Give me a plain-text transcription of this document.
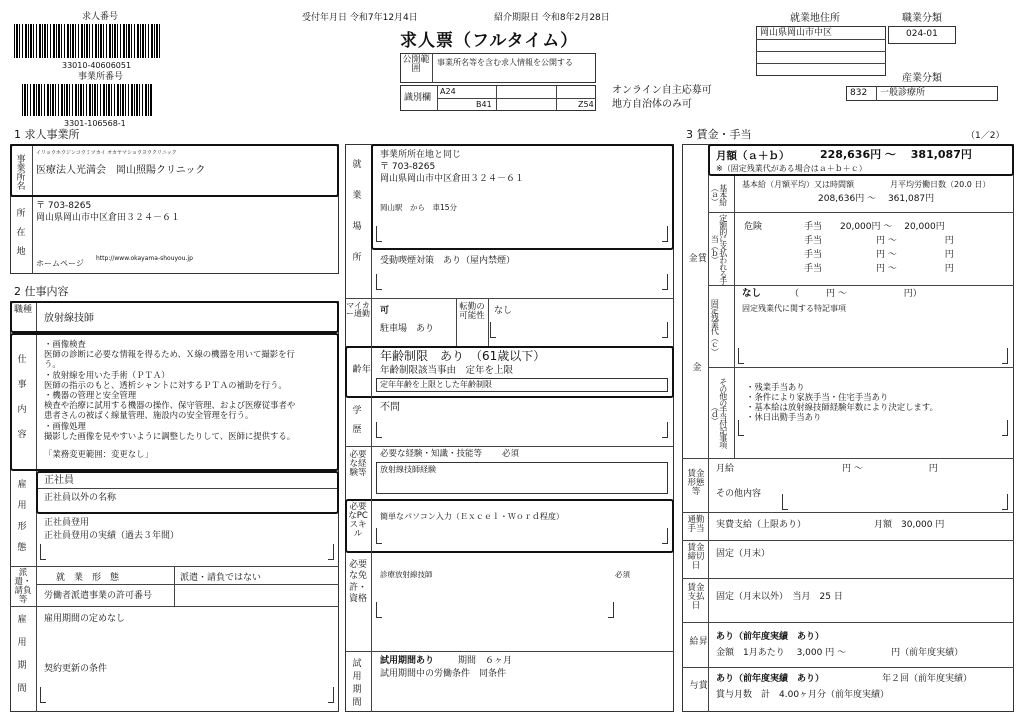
求人番号
33010-40606051
事業所番号
3301-106568-1
受付年月日 令和7年12月4日	紹介期限日 令和8年2月28日
求人票（フルタイム）
公開範囲
事業所名等を含む求人情報を公開する
識別欄
A24
B41	Z54
オンライン自主応募可
地方自治体のみ可
就業地住所
岡山県岡山市中区
職業分類
024-01
産業分類
832 一般診療所
1 求人事業所
事業所名
イリョウホウジンコウミツカイ オカヤマショウヨウクリニック
医療法人光満会　岡山照陽クリニック
所在地
〒 703-8265
岡山県岡山市中区倉田３２４－６１
ホームページ
http://www.okayama-shouyou.jp
2 仕事内容
職種
放射線技師
仕事内容
・画像検査
医師の診断に必要な情報を得るため、Ｘ線の機器を用いて撮影を行
う。
・放射線を用いた手術（ＰＴＡ）
医師の指示のもと、透析シャントに対するＰＴＡの補助を行う。
・機器の管理と安全管理
検査や治療に試用する機器の操作、保守管理、および医療従事者や
患者さんの被ばく線量管理、施設内の安全管理を行う。
・画像処理
撮影した画像を見やすいように調整したりして、医師に提供する。
「業務変更範囲：変更なし」
雇用形態 正社員
正社員以外の名称
正社員登用
正社員登用の実績（過去３年間）
派遣・請負等
就　業　形　態	派遣・請負ではない
労働者派遣事業の許可番号
雇用期間 雇用期間の定めなし
契約更新の条件
就業場所
事業所所在地と同じ
〒 703-8265
岡山県岡山市中区倉田３２４－６１
岡山駅　から　車15分
受動喫煙対策　あり（屋内禁煙）
マイカー通勤 可
駐車場　あり
転勤の可能性 なし
年齢
年齢制限　あり　（61歳以下）
年齢制限該当事由　定年を上限
定年年齢を上限とした年齢制限
学歴 不問
必要な経験等
必要な経験・知識・技能等 必須
放射線技師経験
必要なPCスキル
簡単なパソコン入力（Ｅｘｃｅｌ・Ｗｏｒｄ程度）
必要な免許・資格
診療放射線技師	必須
試用期間 試用期間あり	期間　６ヶ月
試用期間中の労働条件　同条件
3 賃金・手当	（1／2）
月額（ａ＋ｂ）	228,636円 〜　 381,087円
※（固定残業代がある場合はａ＋ｂ＋ｃ）
賃金
基本給（ａ）	基本給（月額平均）又は時間額	月平均労働日数（20.0 日）
208,636円 〜　 361,087円
定額的に支払われる手当（ｂ）
危険	手当　　20,000円 〜　 20,000円
手当　　　　　　円 〜　　　　　 円
手当　　　　　　円 〜　　　　　 円
手当　　　　　　円 〜　　　　　 円
固定残業代（ｃ）
なし	（　　　円 〜　　　　　　 円）
固定残業代に関する特記事項
その他の手当付記事項（ｄ）
・残業手当あり
・条件により家族手当・住宅手当あり
・基本給は放射線技師経験年数により決定します。
・休日出勤手当あり
金
賃金形態等
月給	円 〜　　　　　　　 円
その他内容
通勤手当	実費支給（上限あり）	月額　30,000 円
賃金締切日
固定（月末）
賃金支払日
固定（月末以外）　当月　25 日
昇給	あり（前年度実績　あり）
金額　1月あたり　 3,000 円 〜　　　　　円（前年度実績）
賞与
あり（前年度実績　あり）	年２回（前年度実績）
賞与月数　計　4.00ヶ月分（前年度実績）
